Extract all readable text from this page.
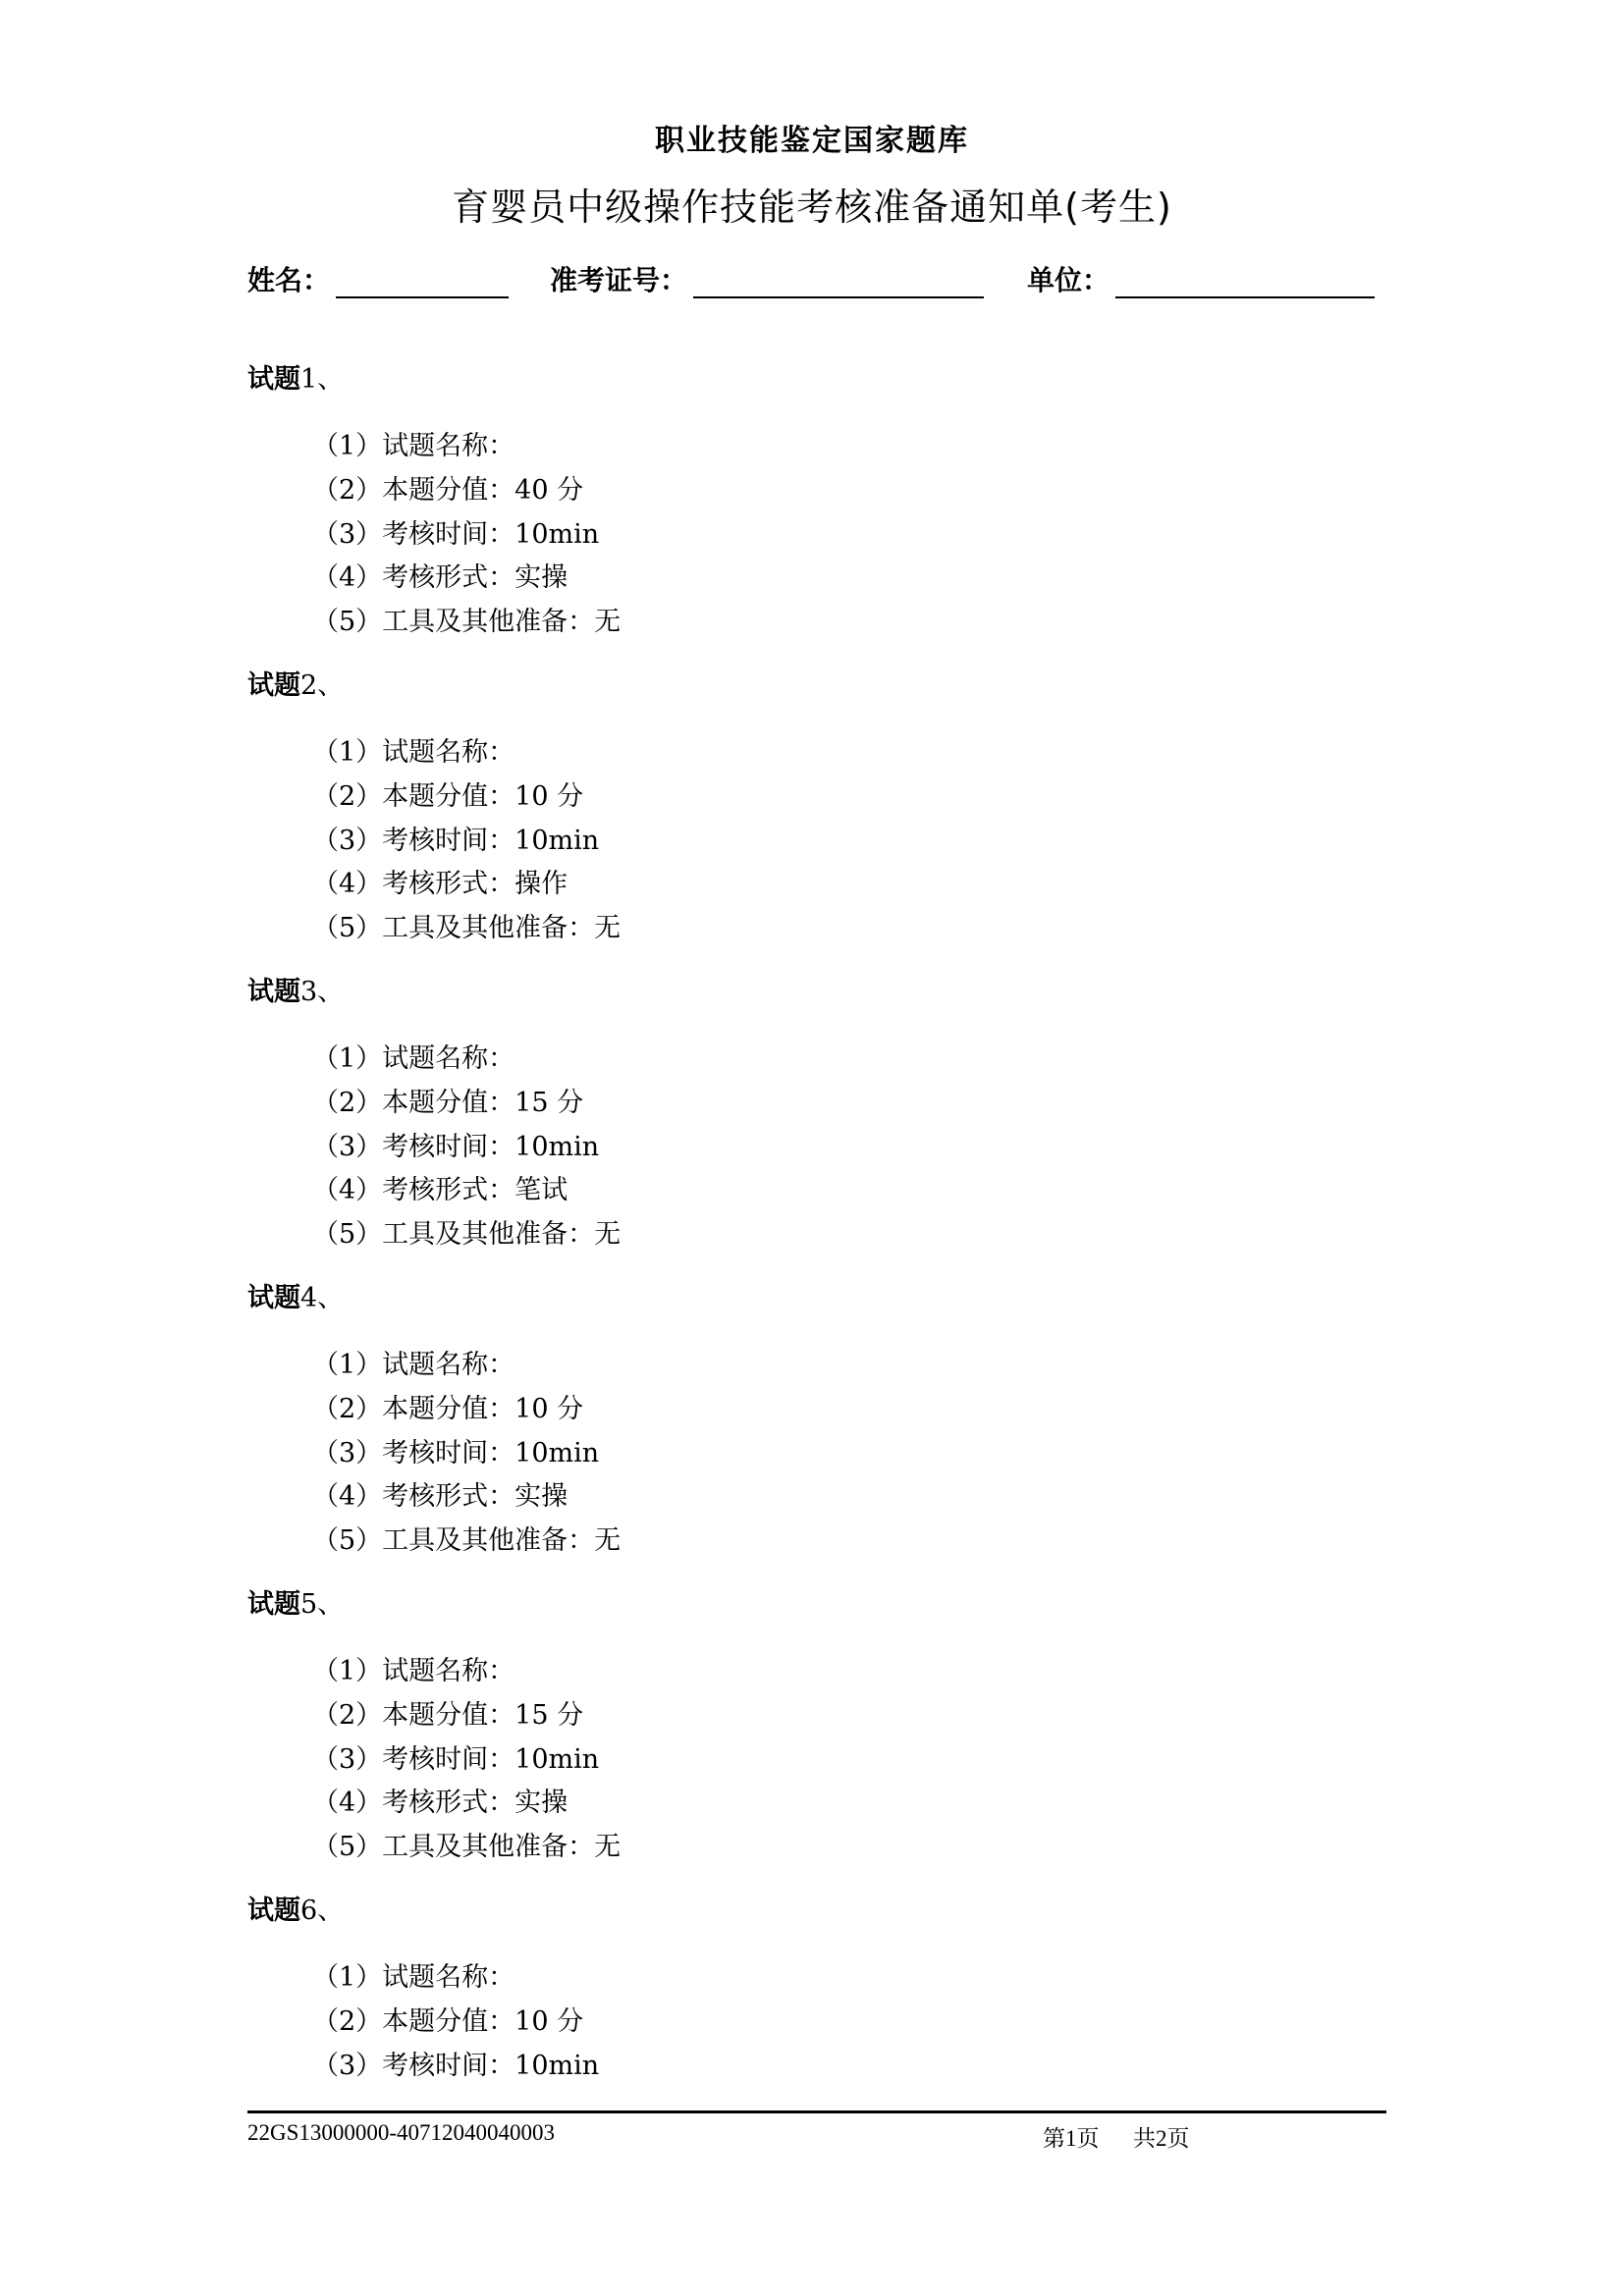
职业技能鉴定国家题库
育婴员中级操作技能考核准备通知单(考生)
姓名：	准考证号：	单位：
试题1、
（1）试题名称：
（2）本题分值：40 分
（3）考核时间：10min
（4）考核形式：实操
（5）工具及其他准备：无
试题2、
（1）试题名称：
（2）本题分值：10 分
（3）考核时间：10min
（4）考核形式：操作
（5）工具及其他准备：无
试题3、
（1）试题名称：
（2）本题分值：15 分
（3）考核时间：10min
（4）考核形式：笔试
（5）工具及其他准备：无
试题4、
（1）试题名称：
（2）本题分值：10 分
（3）考核时间：10min
（4）考核形式：实操
（5）工具及其他准备：无
试题5、
（1）试题名称：
（2）本题分值：15 分
（3）考核时间：10min
（4）考核形式：实操
（5）工具及其他准备：无
试题6、
（1）试题名称：
（2）本题分值：10 分
（3）考核时间：10min
22GS13000000-40712040040003	第1页 共2页
